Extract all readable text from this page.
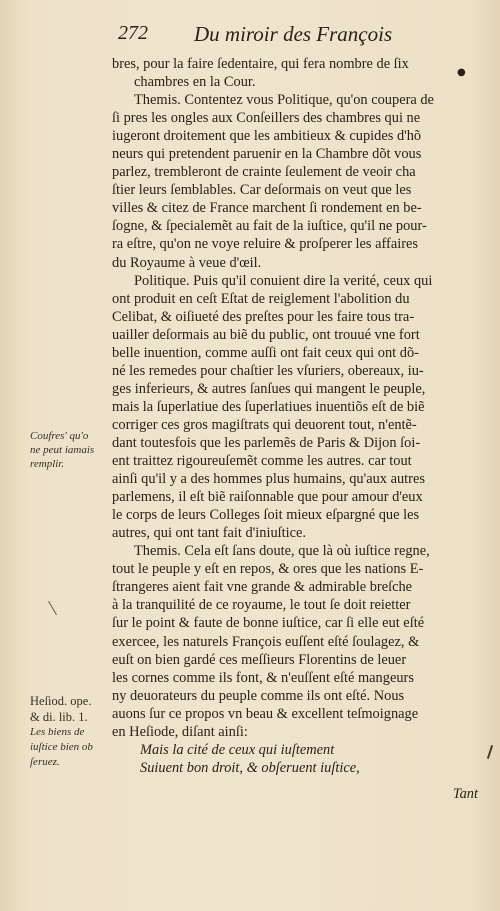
272 Du miroir des François
●
bres, pour la faire ſedentaire, qui fera nombre de ſix
chambres en la Cour.
Themis. Contentez vous Politique, qu'on coupera de
ſi pres les ongles aux Conſeillers des chambres qui ne
iugeront droitement que les ambitieux & cupides d'hõ
neurs qui pretendent paruenir en la Chambre dõt vous
parlez, trembleront de crainte ſeulement de veoir cha
ſtier leurs ſemblables. Car deſormais on veut que les
villes & citez de France marchent ſi rondement en be-
ſogne, & ſpecialemẽt au fait de la iuſtice, qu'il ne pour-
ra eſtre, qu'on ne voye reluire & proſperer les affaires
du Royaume à veue d'œil.
Politique. Puis qu'il conuient dire la verité, ceux qui
ont produit en ceſt Eſtat de reiglement l'abolition du
Celibat, & oiſiueté des preſtes pour les faire tous tra-
uailler deſormais au biẽ du public, ont trouué vne fort
belle inuention, comme auſſi ont fait ceux qui ont dõ-
né les remedes pour chaſtier les vſuriers, obereaux, iu-
ges inferieurs, & autres ſanſues qui mangent le peuple,
mais la ſuperlatiue des ſuperlatiues inuentiõs eſt de biẽ
corriger ces gros magiſtrats qui deuorent tout, n'entẽ-
dant toutesfois que les parlemẽs de Paris & Dijon ſoi-
ent traittez rigoureuſemẽt comme les autres. car tout
ainſi qu'il y a des hommes plus humains, qu'aux autres
parlemens, il eſt biẽ raiſonnable que pour amour d'eux
le corps de leurs Colleges ſoit mieux eſpargné que les
autres, qui ont tant fait d'iniuſtice.
Themis. Cela eſt ſans doute, que là où iuſtice regne,
tout le peuple y eſt en repos, & ores que les nations E-
ſtrangeres aient fait vne grande & admirable breſche
à la tranquilité de ce royaume, le tout ſe doit reietter
ſur le point & faute de bonne iuſtice, car ſi elle eut eſté
exercee, les naturels François euſſent eſté ſoulagez, &
euſt on bien gardé ces meſſieurs Florentins de leuer
les cornes comme ils font, & n'euſſent eſté mangeurs
ny deuorateurs du peuple comme ils ont eſté. Nous
auons ſur ce propos vn beau & excellent teſmoignage
en Heſiode, diſant ainſi:
Mais la cité de ceux qui iuſtement
Suiuent bon droit, & obſeruent iuſtice,
Tant
Coufres' qu'o
ne peut iamais
remplir.
Heſiod. ope.
& di. lib. 1.
Les biens de
iuſtice bien ob
ſeruez.
